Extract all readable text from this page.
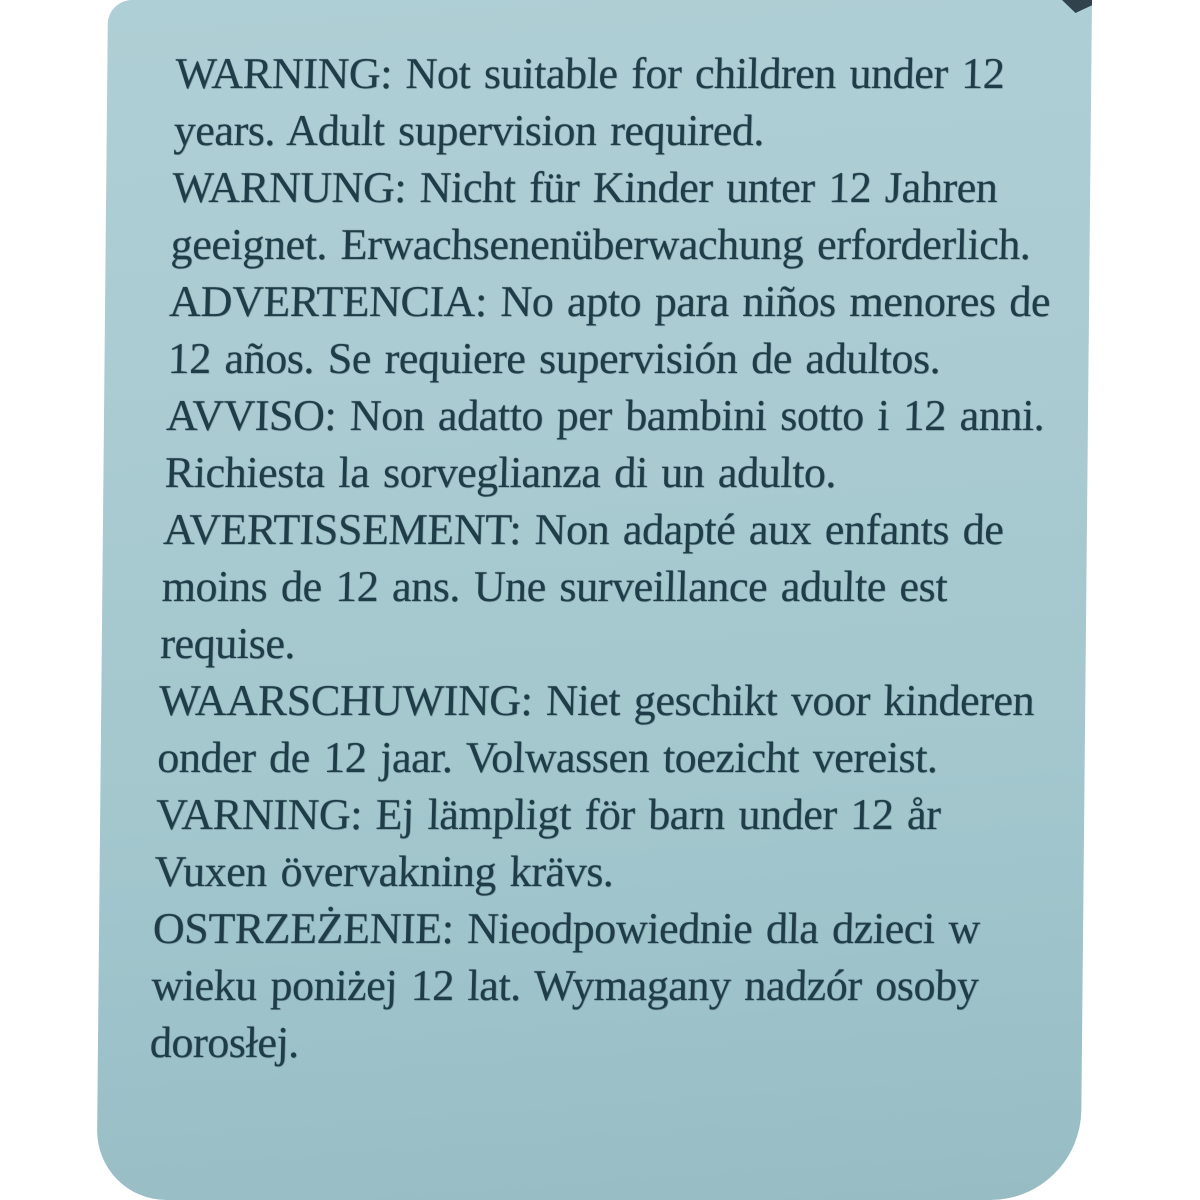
WARNING: Not suitable for children under 12
years. Adult supervision required.
WARNUNG: Nicht für Kinder unter 12 Jahren
geeignet. Erwachsenenüberwachung erforderlich.
ADVERTENCIA: No apto para niños menores de
12 años. Se requiere supervisión de adultos.
AVVISO: Non adatto per bambini sotto i 12 anni.
Richiesta la sorveglianza di un adulto.
AVERTISSEMENT: Non adapté aux enfants de
moins de 12 ans. Une surveillance adulte est
requise.
WAARSCHUWING: Niet geschikt voor kinderen
onder de 12 jaar. Volwassen toezicht vereist.
VARNING: Ej lämpligt för barn under 12 år
Vuxen övervakning krävs.
OSTRZEŻENIE: Nieodpowiednie dla dzieci w
wieku poniżej 12 lat. Wymagany nadzór osoby
dorosłej.
